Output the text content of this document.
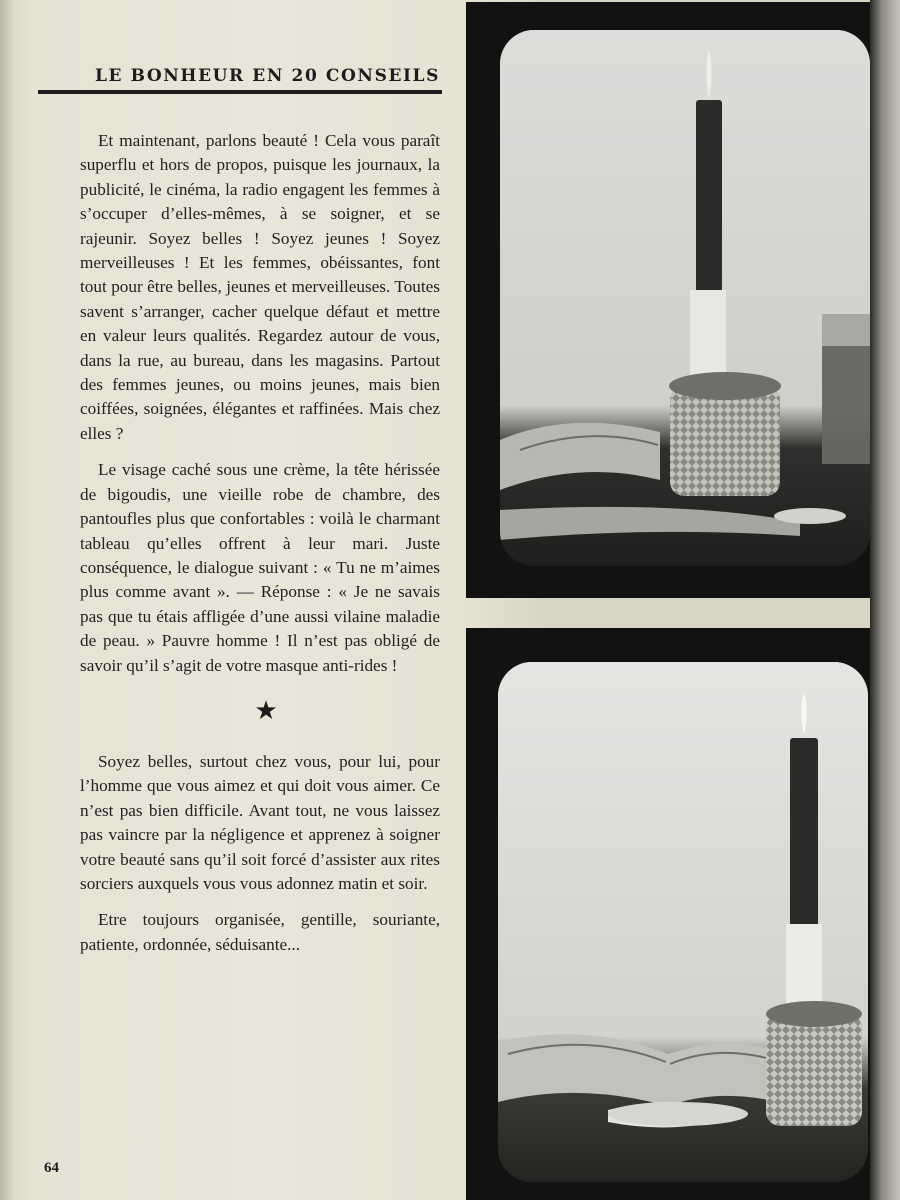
LE BONHEUR EN 20 CONSEILS

Et maintenant, parlons beauté ! Cela vous paraît superflu et hors de propos, puisque les journaux, la publicité, le cinéma, la radio engagent les femmes à s’occuper d’elles-mêmes, à se soigner, et se rajeunir. Soyez belles ! Soyez jeunes ! Soyez merveilleuses ! Et les femmes, obéissantes, font tout pour être belles, jeunes et merveilleuses. Toutes savent s’arranger, cacher quelque défaut et mettre en valeur leurs qualités. Regardez autour de vous, dans la rue, au bureau, dans les magasins. Partout des femmes jeunes, ou moins jeunes, mais bien coiffées, soignées, élégantes et raffinées. Mais chez elles ?

Le visage caché sous une crème, la tête hérissée de bigoudis, une vieille robe de chambre, des pantoufles plus que confortables : voilà le charmant tableau qu’elles offrent à leur mari. Juste conséquence, le dialogue suivant : « Tu ne m’aimes plus comme avant ». — Réponse : « Je ne savais pas que tu étais affligée d’une aussi vilaine maladie de peau. » Pauvre homme ! Il n’est pas obligé de savoir qu’il s’agit de votre masque anti-rides !

★

Soyez belles, surtout chez vous, pour lui, pour l’homme que vous aimez et qui doit vous aimer. Ce n’est pas bien difficile. Avant tout, ne vous laissez pas vaincre par la négligence et apprenez à soigner votre beauté sans qu’il soit forcé d’assister aux rites sorciers auxquels vous vous adonnez matin et soir.

Etre toujours organisée, gentille, souriante, patiente, ordonnée, séduisante...

64
